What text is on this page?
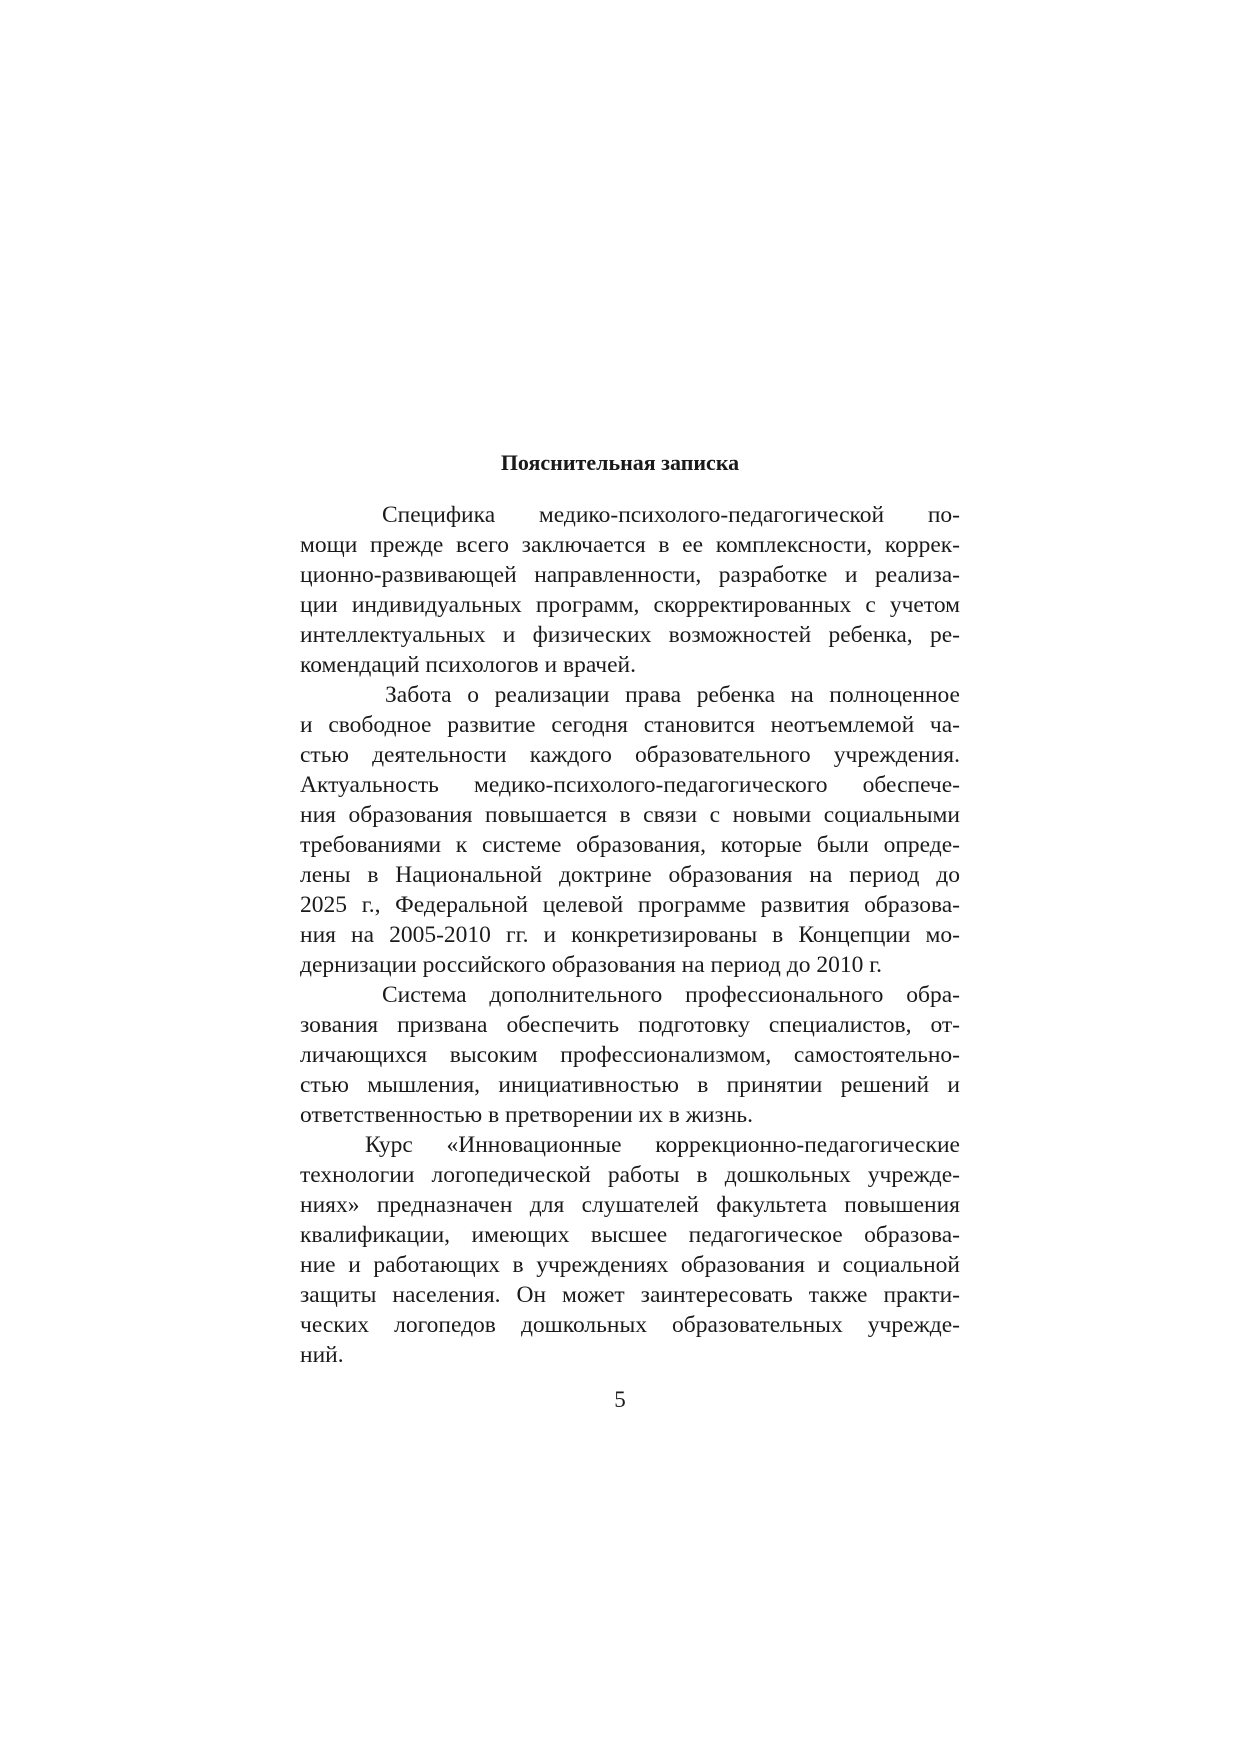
Пояснительная записка
Специфика медико-психолого-педагогической по-
мощи прежде всего заключается в ее комплексности, коррек-
ционно-развивающей направленности, разработке и реализа-
ции индивидуальных программ, скорректированных с учетом
интеллектуальных и физических возможностей ребенка, ре-
комендаций психологов и врачей.
Забота о реализации права ребенка на полноценное
и свободное развитие сегодня становится неотъемлемой ча-
стью деятельности каждого образовательного учреждения.
Актуальность медико-психолого-педагогического обеспече-
ния образования повышается в связи с новыми социальными
требованиями к системе образования, которые были опреде-
лены в Национальной доктрине образования на период до
2025 г., Федеральной целевой программе развития образова-
ния на 2005-2010 гг. и конкретизированы в Концепции мо-
дернизации российского образования на период до 2010 г.
Система дополнительного профессионального обра-
зования призвана обеспечить подготовку специалистов, от-
личающихся высоким профессионализмом, самостоятельно-
стью мышления, инициативностью в принятии решений и
ответственностью в претворении их в жизнь.
Курс «Инновационные коррекционно-педагогические
технологии логопедической работы в дошкольных учрежде-
ниях» предназначен для слушателей факультета повышения
квалификации, имеющих высшее педагогическое образова-
ние и работающих в учреждениях образования и социальной
защиты населения. Он может заинтересовать также практи-
ческих логопедов дошкольных образовательных учрежде-
ний.
5
